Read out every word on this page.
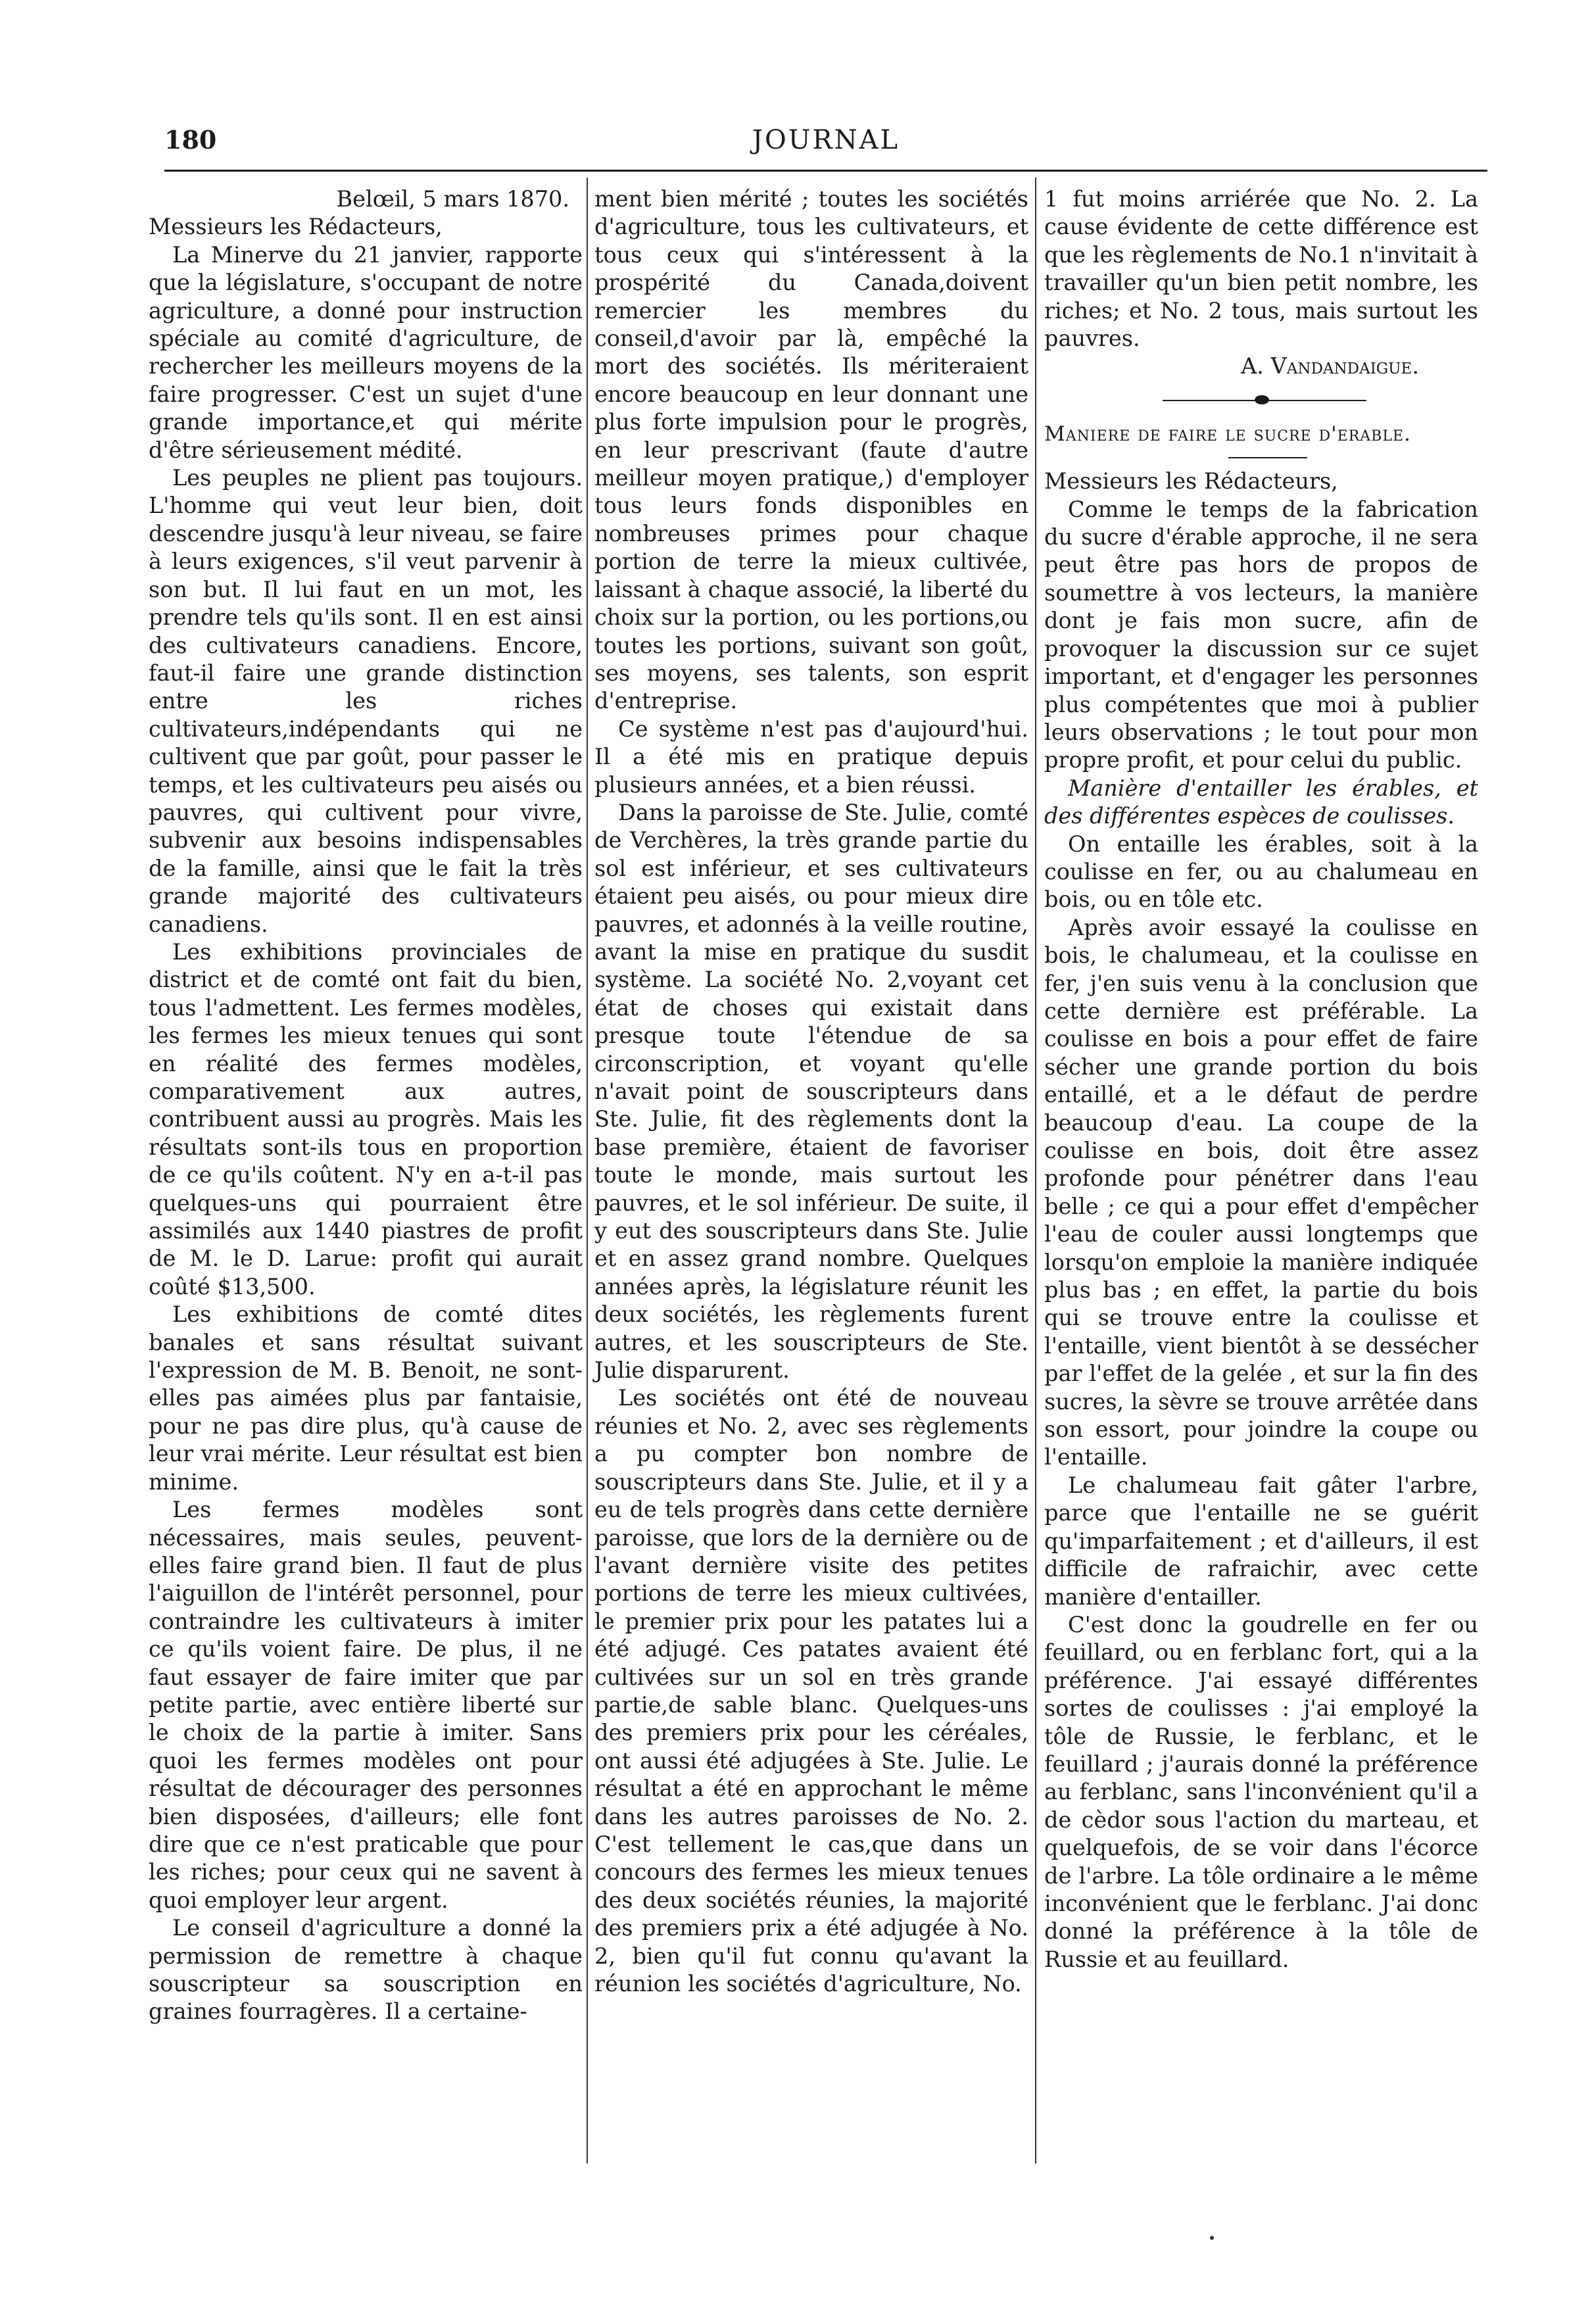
180	JOURNAL

Belœil, 5 mars 1870.

Messieurs les Rédacteurs,

La Minerve du 21 janvier, rapporte que la législature, s'occupant de notre agriculture, a donné pour instruction spéciale au comité d'agriculture, de rechercher les meilleurs moyens de la faire progresser. C'est un sujet d'une grande importance,et qui mérite d'être sérieusement médité.

Les peuples ne plient pas toujours. L'homme qui veut leur bien, doit descendre jusqu'à leur niveau, se faire à leurs exigences, s'il veut parvenir à son but. Il lui faut en un mot, les prendre tels qu'ils sont. Il en est ainsi des cultivateurs canadiens. Encore, faut-il faire une grande distinction entre les riches cultivateurs,indépendants qui ne cultivent que par goût, pour passer le temps, et les cultivateurs peu aisés ou pauvres, qui cultivent pour vivre, subvenir aux besoins indispensables de la famille, ainsi que le fait la très grande majorité des cultivateurs canadiens.

Les exhibitions provinciales de district et de comté ont fait du bien, tous l'admettent. Les fermes modèles, les fermes les mieux tenues qui sont en réalité des fermes modèles, comparativement aux autres, contribuent aussi au progrès. Mais les résultats sont-ils tous en proportion de ce qu'ils coûtent. N'y en a-t-il pas quelques-uns qui pourraient être assimilés aux 1440 piastres de profit de M. le D. Larue: profit qui aurait coûté $13,500.

Les exhibitions de comté dites banales et sans résultat suivant l'expression de M. B. Benoit, ne sont-elles pas aimées plus par fantaisie, pour ne pas dire plus, qu'à cause de leur vrai mérite. Leur résultat est bien minime.

Les fermes modèles sont nécessaires, mais seules, peuvent-elles faire grand bien. Il faut de plus l'aiguillon de l'intérêt personnel, pour contraindre les cultivateurs à imiter ce qu'ils voient faire. De plus, il ne faut essayer de faire imiter que par petite partie, avec entière liberté sur le choix de la partie à imiter. Sans quoi les fermes modèles ont pour résultat de décourager des personnes bien disposées, d'ailleurs; elle font dire que ce n'est praticable que pour les riches; pour ceux qui ne savent à quoi employer leur argent.

Le conseil d'agriculture a donné la permission de remettre à chaque souscripteur sa souscription en graines fourragères. Il a certaine-

ment bien mérité ; toutes les sociétés d'agriculture, tous les cultivateurs, et tous ceux qui s'intéressent à la prospérité du Canada,doivent remercier les membres du conseil,d'avoir par là, empêché la mort des sociétés. Ils mériteraient encore beaucoup en leur donnant une plus forte impulsion pour le progrès, en leur prescrivant (faute d'autre meilleur moyen pratique,) d'employer tous leurs fonds disponibles en nombreuses primes pour chaque portion de terre la mieux cultivée, laissant à chaque associé, la liberté du choix sur la portion, ou les portions,ou toutes les portions, suivant son goût, ses moyens, ses talents, son esprit d'entreprise.

Ce système n'est pas d'aujourd'hui. Il a été mis en pratique depuis plusieurs années, et a bien réussi.

Dans la paroisse de Ste. Julie, comté de Verchères, la très grande partie du sol est inférieur, et ses cultivateurs étaient peu aisés, ou pour mieux dire pauvres, et adonnés à la veille routine, avant la mise en pratique du susdit système. La société No. 2,voyant cet état de choses qui existait dans presque toute l'étendue de sa circonscription, et voyant qu'elle n'avait point de souscripteurs dans Ste. Julie, fit des règlements dont la base première, étaient de favoriser toute le monde, mais surtout les pauvres, et le sol inférieur. De suite, il y eut des souscripteurs dans Ste. Julie et en assez grand nombre. Quelques années après, la législature réunit les deux sociétés, les règlements furent autres, et les souscripteurs de Ste. Julie disparurent.

Les sociétés ont été de nouveau réunies et No. 2, avec ses règlements a pu compter bon nombre de souscripteurs dans Ste. Julie, et il y a eu de tels progrès dans cette dernière paroisse, que lors de la dernière ou de l'avant dernière visite des petites portions de terre les mieux cultivées, le premier prix pour les patates lui a été adjugé. Ces patates avaient été cultivées sur un sol en très grande partie,de sable blanc. Quelques-uns des premiers prix pour les céréales, ont aussi été adjugées à Ste. Julie. Le résultat a été en approchant le même dans les autres paroisses de No. 2. C'est tellement le cas,que dans un concours des fermes les mieux tenues des deux sociétés réunies, la majorité des premiers prix a été adjugée à No. 2, bien qu'il fut connu qu'avant la réunion les sociétés d'agriculture, No.

1 fut moins arriérée que No. 2. La cause évidente de cette différence est que les règlements de No.1 n'invitait à travailler qu'un bien petit nombre, les riches; et No. 2 tous, mais surtout les pauvres.

A. Vandandaigue.

Maniere de faire le sucre d'erable.

Messieurs les Rédacteurs,

Comme le temps de la fabrication du sucre d'érable approche, il ne sera peut être pas hors de propos de soumettre à vos lecteurs, la manière dont je fais mon sucre, afin de provoquer la discussion sur ce sujet important, et d'engager les personnes plus compétentes que moi à publier leurs observations ; le tout pour mon propre profit, et pour celui du public.

Manière d'entailler les érables, et des différentes espèces de coulisses.

On entaille les érables, soit à la coulisse en fer, ou au chalumeau en bois, ou en tôle etc.

Après avoir essayé la coulisse en bois, le chalumeau, et la coulisse en fer, j'en suis venu à la conclusion que cette dernière est préférable. La coulisse en bois a pour effet de faire sécher une grande portion du bois entaillé, et a le défaut de perdre beaucoup d'eau. La coupe de la coulisse en bois, doit être assez profonde pour pénétrer dans l'eau belle ; ce qui a pour effet d'empêcher l'eau de couler aussi longtemps que lorsqu'on emploie la manière indiquée plus bas ; en effet, la partie du bois qui se trouve entre la coulisse et l'entaille, vient bientôt à se dessécher par l'effet de la gelée , et sur la fin des sucres, la sèvre se trouve arrêtée dans son essort, pour joindre la coupe ou l'entaille.

Le chalumeau fait gâter l'arbre, parce que l'entaille ne se guérit qu'imparfaitement ; et d'ailleurs, il est difficile de rafraichir, avec cette manière d'entailler.

C'est donc la goudrelle en fer ou feuillard, ou en ferblanc fort, qui a la préférence. J'ai essayé différentes sortes de coulisses : j'ai employé la tôle de Russie, le ferblanc, et le feuillard ; j'aurais donné la préférence au ferblanc, sans l'inconvénient qu'il a de cèdor sous l'action du marteau, et quelquefois, de se voir dans l'écorce de l'arbre. La tôle ordinaire a le même inconvénient que le ferblanc. J'ai donc donné la préférence à la tôle de Russie et au feuillard.
